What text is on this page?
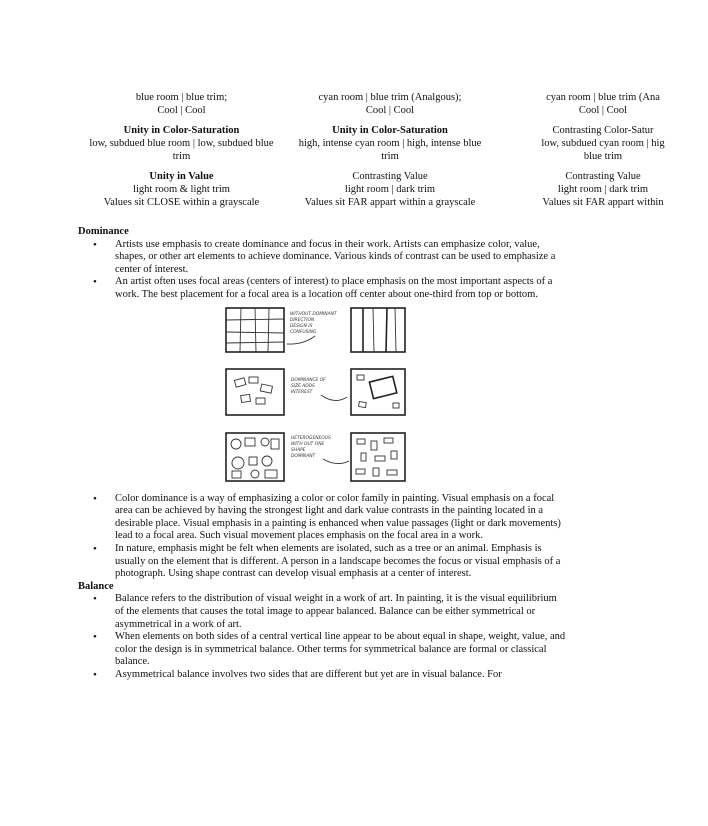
blue room | blue trim;
Cool | Cool
Unity in Color-Saturation
low, subdued blue room | low, subdued blue
trim
Unity in Value
light room & light trim
Values sit CLOSE within a grayscale
cyan room | blue trim (Analgous);
Cool | Cool
Unity in Color-Saturation
high, intense cyan room | high, intense blue
trim
Contrasting Value
light room | dark trim
Values sit FAR appart within a grayscale
cyan room | blue trim (Ana
Cool | Cool
Contrasting Color-Satur
low, subdued cyan room | hig
blue trim
Contrasting Value
light room | dark trim
Values sit FAR appart within

Dominance

• Artists use emphasis to create dominance and focus in their work. Artists can emphasize color, value, shapes, or other art elements to achieve dominance. Various kinds of contrast can be used to emphasize a center of interest.
• An artist often uses focal areas (centers of interest) to place emphasis on the most important aspects of a work. The best placement for a focal area is a location off center about one-third from top or bottom.
WITHOUT DOMINANT
DIRECTION
DESIGN IS
CONFUSING
DOMINANCE OF
SIZE ADDS
INTEREST
HETEROGENEOUS
WITH OUT ONE
SHAPE
DOMINANT
• Color dominance is a way of emphasizing a color or color family in painting. Visual emphasis on a focal area can be achieved by having the strongest light and dark value contrasts in the painting located in a desirable place. Visual emphasis in a painting is enhanced when value passages (light or dark movements) lead to a focal area. Such visual movement places emphasis on the focal area in a work.
• In nature, emphasis might be felt when elements are isolated, such as a tree or an animal. Emphasis is usually on the element that is different. A person in a landscape becomes the focus or visual emphasis of a photograph. Using shape contrast can develop visual emphasis at a center of interest.

Balance

• Balance refers to the distribution of visual weight in a work of art. In painting, it is the visual equilibrium of the elements that causes the total image to appear balanced. Balance can be either symmetrical or asymmetrical in a work of art.
• When elements on both sides of a central vertical line appear to be about equal in shape, weight, value, and color the design is in symmetrical balance. Other terms for symmetrical balance are formal or classical balance.
• Asymmetrical balance involves two sides that are different but yet are in visual balance. For
